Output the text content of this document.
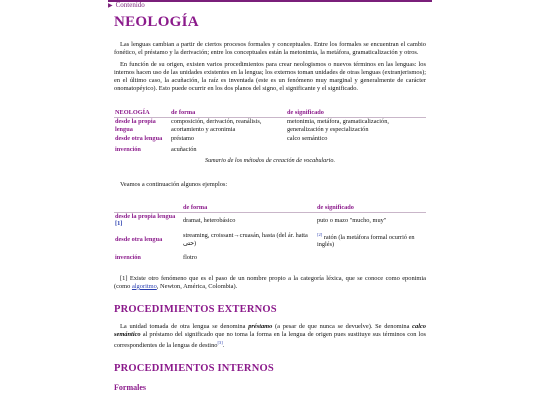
▶ Contenido
NEOLOGÍA

Las lenguas cambian a partir de ciertos procesos formales y conceptuales. Entre los formales se encuentran el cambio fonético, el préstamo y la derivación; entre los conceptuales están la metonimia, la metáfora, gramaticalización y otros.

En función de su origen, existen varios procedimientos para crear neologismos o nuevos términos en las lenguas: los internos hacen uso de las unidades existentes en la lengua; los externos toman unidades de otras lenguas (extranjerismos); en el último caso, la acuñación, la raíz es inventada (este es un fenómeno muy marginal y generalmente de carácter onomatopéyico). Esto puede ocurrir en los dos planos del signo, el significante y el significado.

NEOLOGÍA	de forma	de significado
desde la propia lengua	composición, derivación, reanálisis, acortamiento y acronimia	metonimia, metáfora, gramaticalización, generalización y especialización
desde otra lengua	préstamo	calco semántico
invención	acuñación	
Sumario de los métodos de creación de vocabulario.

Veamos a continuación algunos ejemplos:

	de forma	de significado
desde la propia lengua [1]	dramat, heterobásico	puto o mazo "mucho, muy"
desde otra lengua	streaming, croissant→cruasán, hasta (del ár. hatta حتى)	[2] ratón (la metáfora formal ocurrió en inglés)
invención	flotro	

[1] Existe otro fenómeno que es el paso de un nombre propio a la categoría léxica, que se conoce como eponimia (como algoritmo, Newton, América, Colombia).

PROCEDIMIENTOS EXTERNOS

La unidad tomada de otra lengua se denomina préstamo (a pesar de que nunca se devuelve). Se denomina calco semántico al préstamo del significado que no toma la forma en la lengua de origen pues sustituye sus términos con los correspondientes de la lengua de destino[3].

PROCEDIMIENTOS INTERNOS
Formales
